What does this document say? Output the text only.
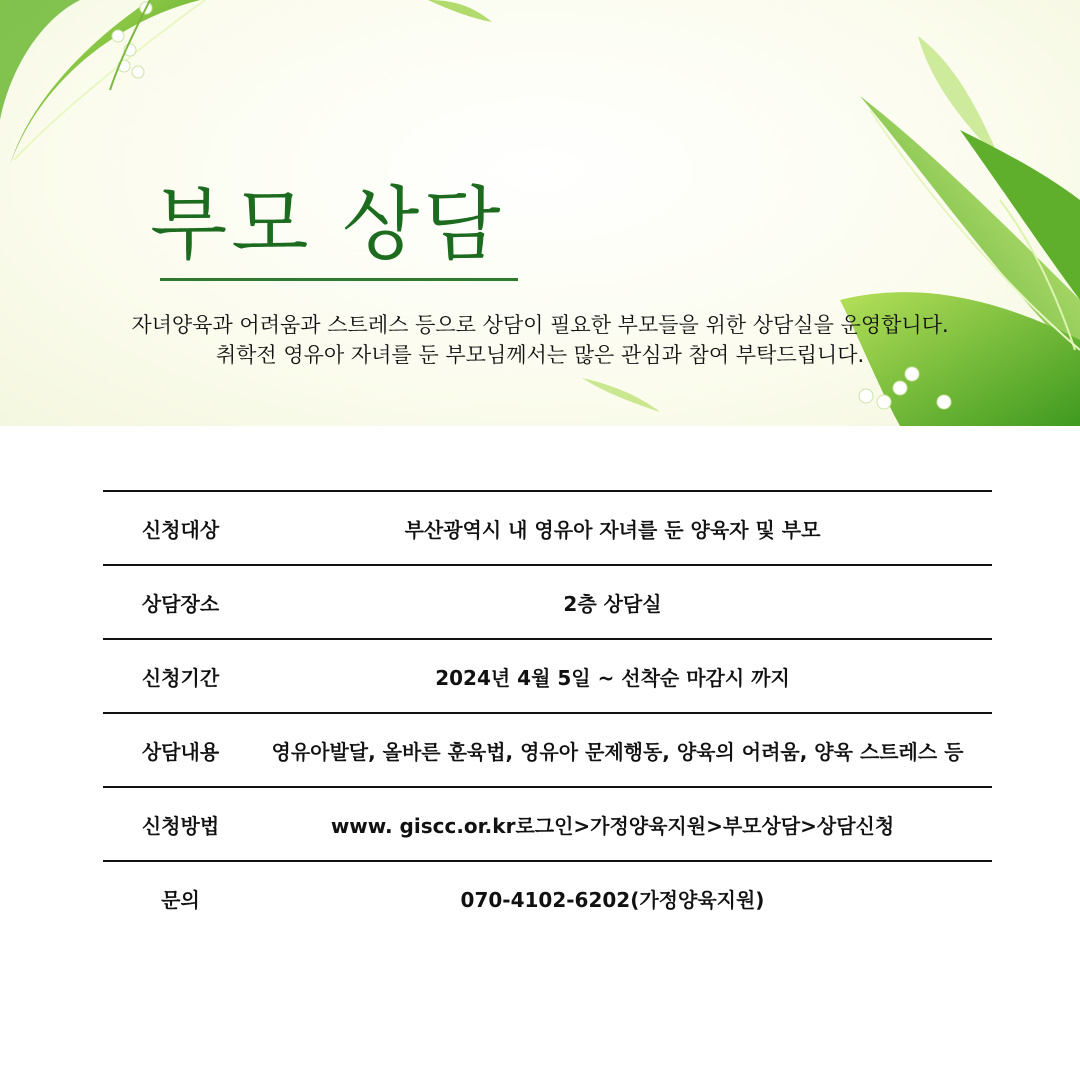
부모 상담

자녀양육과 어려움과 스트레스 등으로 상담이 필요한 부모들을 위한 상담실을 운영합니다.

취학전 영유아 자녀를 둔 부모님께서는 많은 관심과 참여 부탁드립니다.

신청대상	부산광역시 내 영유아 자녀를 둔 양육자 및 부모
상담장소	2층 상담실
신청기간	2024년 4월 5일 ~ 선착순 마감시 까지
상담내용	영유아발달, 올바른 훈육법, 영유아 문제행동, 양육의 어려움, 양육 스트레스 등
신청방법	www. giscc.or.kr로그인>가정양육지원>부모상담>상담신청
문의	070-4102-6202(가정양육지원)
